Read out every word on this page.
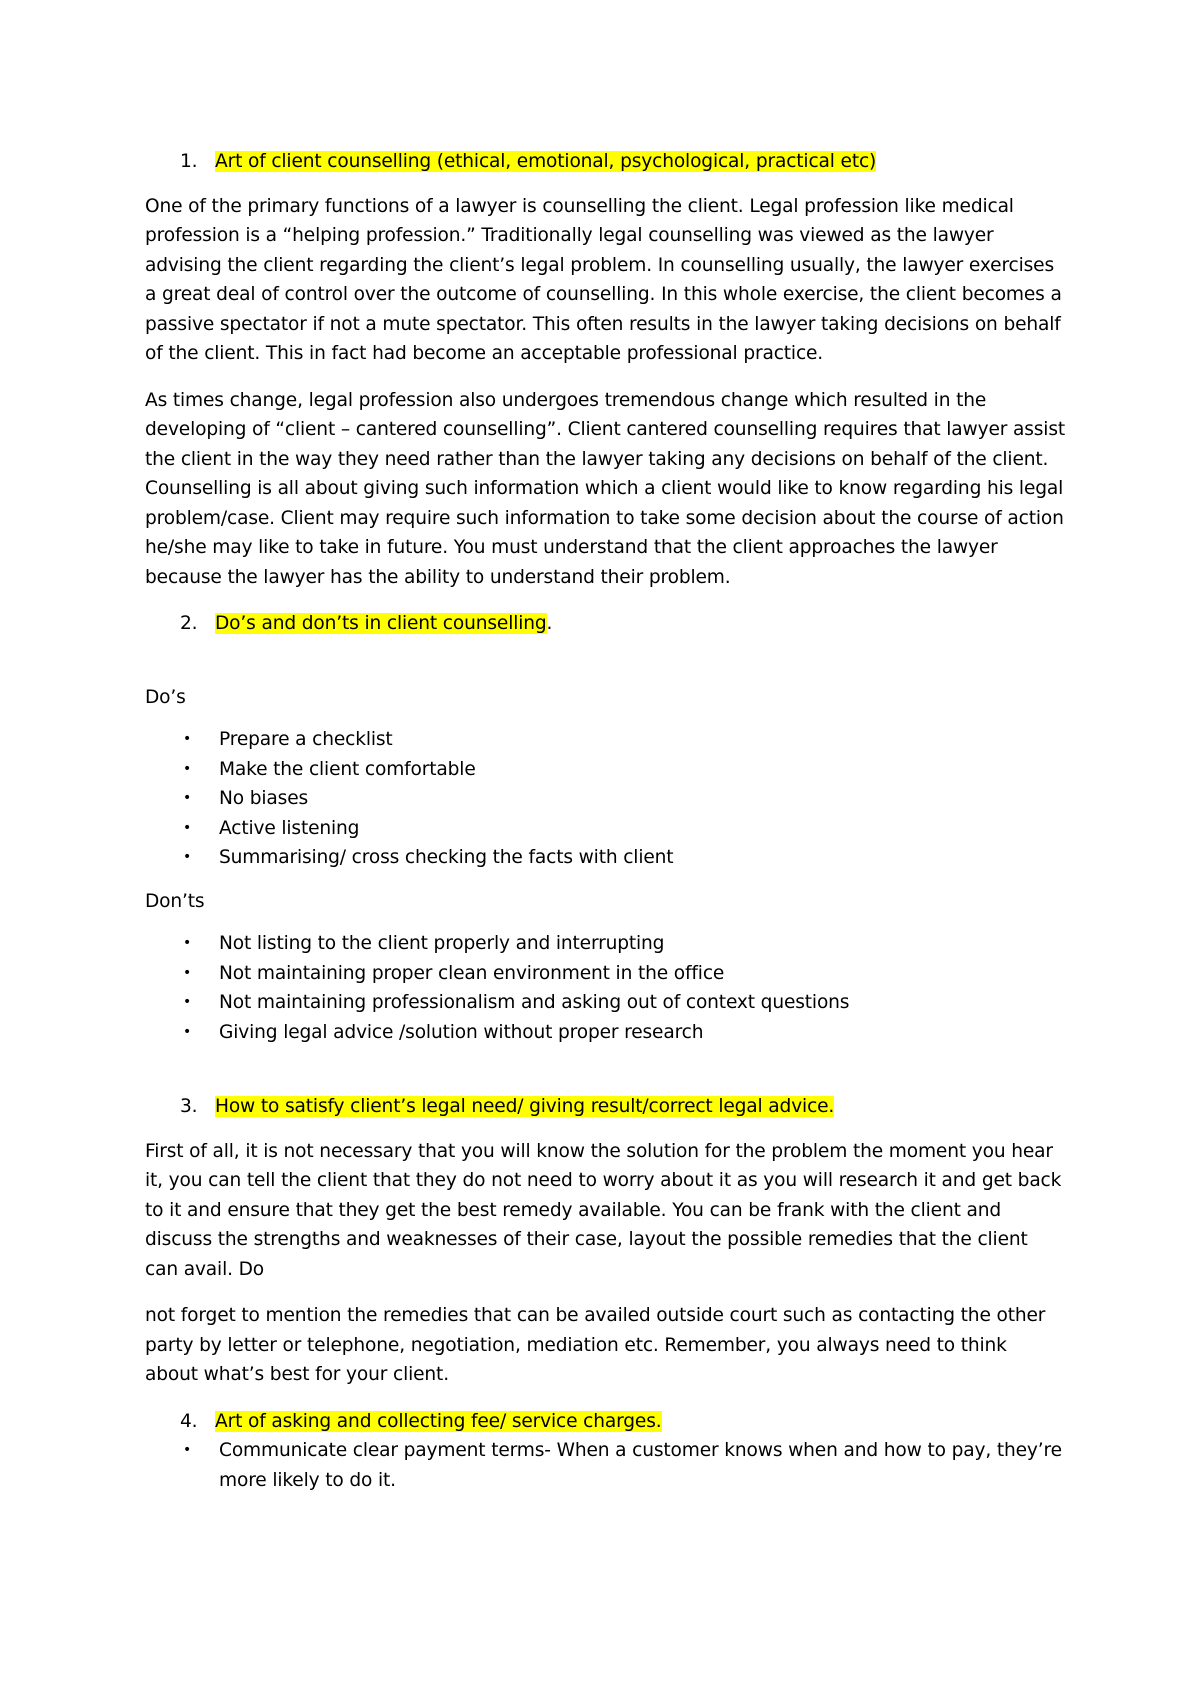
1. Art of client counselling (ethical, emotional, psychological, practical etc)

One of the primary functions of a lawyer is counselling the client. Legal profession like medical profession is a “helping profession.” Traditionally legal counselling was viewed as the lawyer advising the client regarding the client’s legal problem. In counselling usually, the lawyer exercises a great deal of control over the outcome of counselling. In this whole exercise, the client becomes a passive spectator if not a mute spectator. This often results in the lawyer taking decisions on behalf of the client. This in fact had become an acceptable professional practice.

As times change, legal profession also undergoes tremendous change which resulted in the developing of “client – cantered counselling”. Client cantered counselling requires that lawyer assist the client in the way they need rather than the lawyer taking any decisions on behalf of the client. Counselling is all about giving such information which a client would like to know regarding his legal problem/case. Client may require such information to take some decision about the course of action he/she may like to take in future. You must understand that the client approaches the lawyer because the lawyer has the ability to understand their problem.

2. Do’s and don’ts in client counselling.

Do’s

•	Prepare a checklist
•	Make the client comfortable
•	No biases
•	Active listening
•	Summarising/ cross checking the facts with client

Don’ts

•	Not listing to the client properly and interrupting
•	Not maintaining proper clean environment in the office
•	Not maintaining professionalism and asking out of context questions
•	Giving legal advice /solution without proper research
3. How to satisfy client’s legal need/ giving result/correct legal advice.

First of all, it is not necessary that you will know the solution for the problem the moment you hear it, you can tell the client that they do not need to worry about it as you will research it and get back to it and ensure that they get the best remedy available. You can be frank with the client and discuss the strengths and weaknesses of their case, layout the possible remedies that the client can avail. Do

not forget to mention the remedies that can be availed outside court such as contacting the other party by letter or telephone, negotiation, mediation etc. Remember, you always need to think about what’s best for your client.

4. Art of asking and collecting fee/ service charges.
•	Communicate clear payment terms- When a customer knows when and how to pay, they’re more likely to do it.
